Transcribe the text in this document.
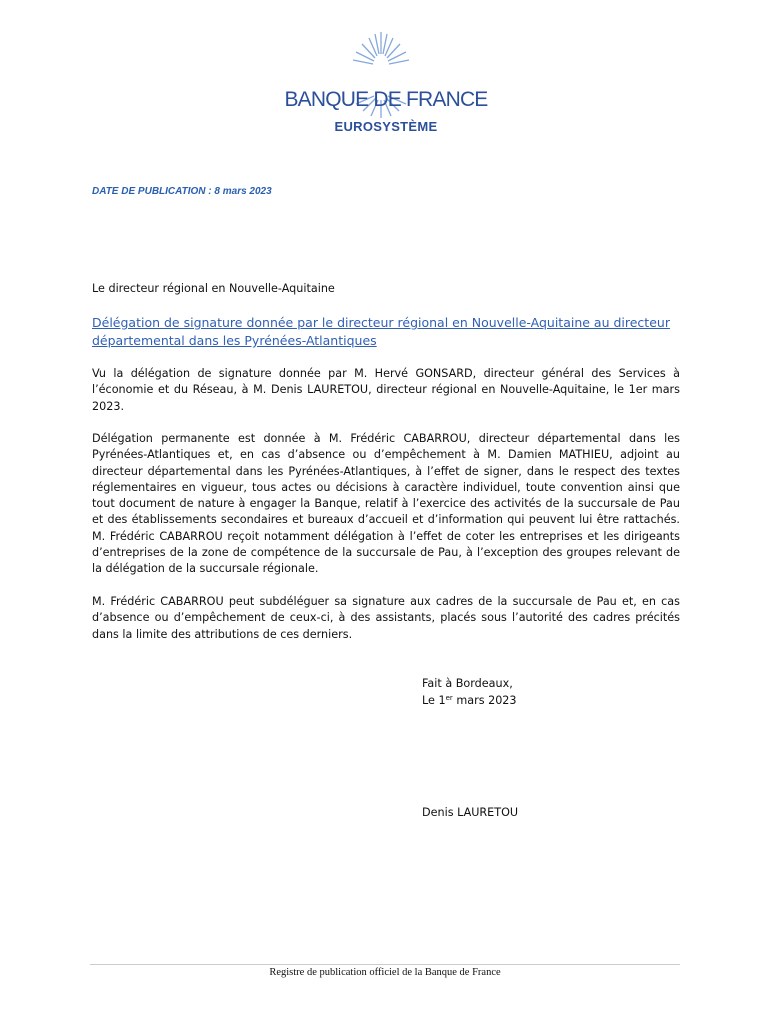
BANQUE DE FRANCE
EUROSYSTÈME
DATE DE PUBLICATION : 8 mars 2023
Le directeur régional en Nouvelle-Aquitaine
Délégation de signature donnée par le directeur régional en Nouvelle-Aquitaine au directeur départemental dans les Pyrénées-Atlantiques
Vu la délégation de signature donnée par M. Hervé GONSARD, directeur général des Services à l’économie et du Réseau, à M. Denis LAURETOU, directeur régional en Nouvelle-Aquitaine, le 1er mars 2023.
Délégation permanente est donnée à M. Frédéric CABARROU, directeur départemental dans les Pyrénées-Atlantiques et, en cas d’absence ou d’empêchement à M. Damien MATHIEU, adjoint au directeur départemental dans les Pyrénées-Atlantiques, à l’effet de signer, dans le respect des textes réglementaires en vigueur, tous actes ou décisions à caractère individuel, toute convention ainsi que tout document de nature à engager la Banque, relatif à l’exercice des activités de la succursale de Pau et des établissements secondaires et bureaux d’accueil et d’information qui peuvent lui être rattachés. M. Frédéric CABARROU reçoit notamment délégation à l’effet de coter les entreprises et les dirigeants d’entreprises de la zone de compétence de la succursale de Pau, à l’exception des groupes relevant de la délégation de la succursale régionale.
M. Frédéric CABARROU peut subdéléguer sa signature aux cadres de la succursale de Pau et, en cas d’absence ou d’empêchement de ceux-ci, à des assistants, placés sous l’autorité des cadres précités dans la limite des attributions de ces derniers.
Fait à Bordeaux,
Le 1er mars 2023
Denis LAURETOU
Registre de publication officiel de la Banque de France
